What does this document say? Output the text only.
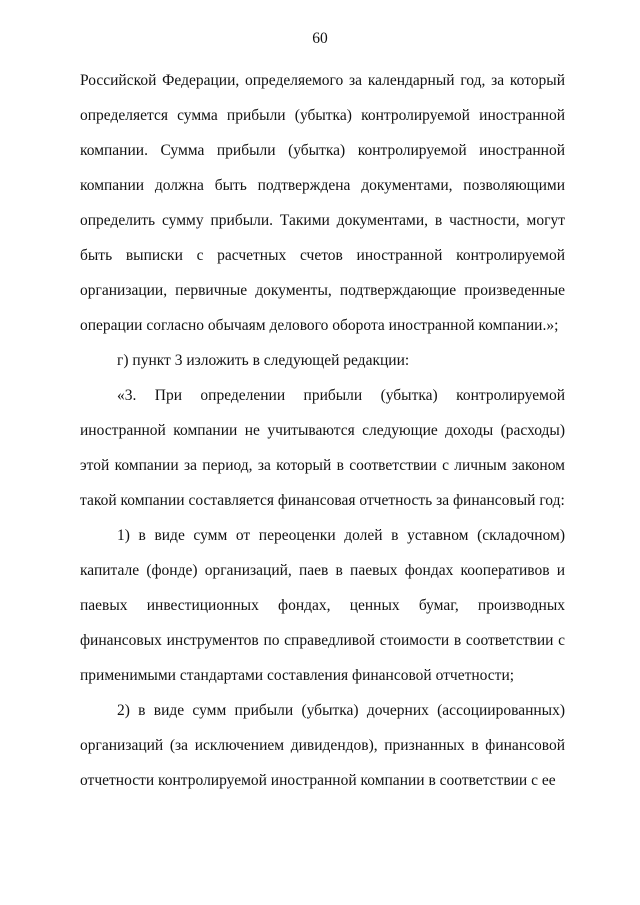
60

Российской Федерации, определяемого за календарный год, за который определяется сумма прибыли (убытка) контролируемой иностранной компании. Сумма прибыли (убытка) контролируемой иностранной компании должна быть подтверждена документами, позволяющими определить сумму прибыли. Такими документами, в частности, могут быть выписки с расчетных счетов иностранной контролируемой организации, первичные документы, подтверждающие произведенные операции согласно обычаям делового оборота иностранной компании.»;

г) пункт 3 изложить в следующей редакции:

«3. При определении прибыли (убытка) контролируемой иностранной компании не учитываются следующие доходы (расходы) этой компании за период, за который в соответствии с личным законом такой компании составляется финансовая отчетность за финансовый год:

1) в виде сумм от переоценки долей в уставном (складочном) капитале (фонде) организаций, паев в паевых фондах кооперативов и паевых инвестиционных фондах, ценных бумаг, производных финансовых инструментов по справедливой стоимости в соответствии с применимыми стандартами составления финансовой отчетности;

2) в виде сумм прибыли (убытка) дочерних (ассоциированных) организаций (за исключением дивидендов), признанных в финансовой отчетности контролируемой иностранной компании в соответствии с ее
